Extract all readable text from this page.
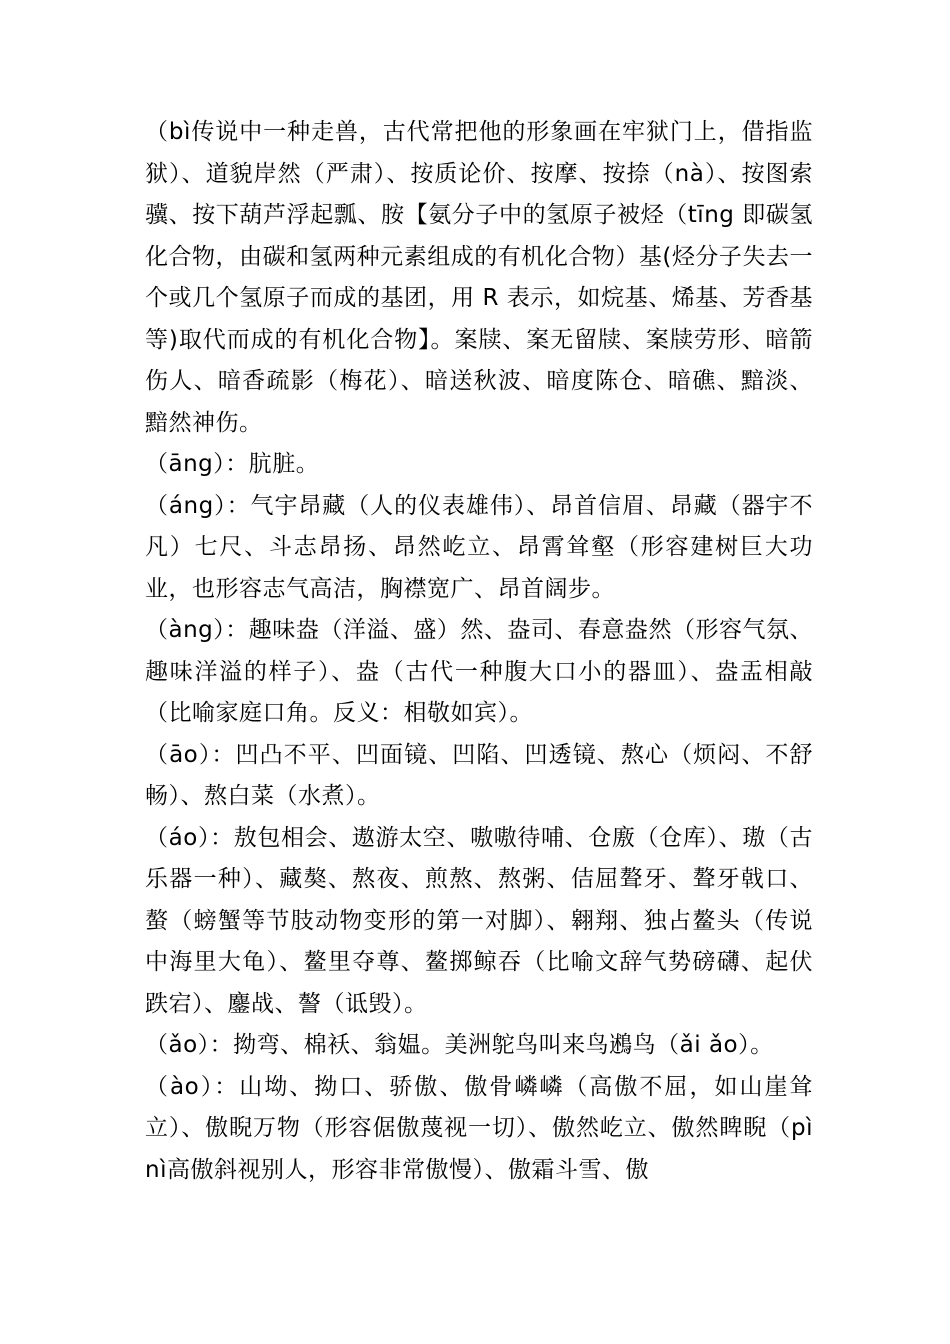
（bì传说中一种走兽，古代常把他的形象画在牢狱门上，借指监狱）、道貌岸然（严肃）、按质论价、按摩、按捺（nà）、按图索骥、按下葫芦浮起瓢、胺【氨分子中的氢原子被烃（tīng 即碳氢化合物，由碳和氢两种元素组成的有机化合物）基(烃分子失去一个或几个氢原子而成的基团，用 R 表示，如烷基、烯基、芳香基等)取代而成的有机化合物】。案牍、案无留牍、案牍劳形、暗箭伤人、暗香疏影（梅花）、暗送秋波、暗度陈仓、暗礁、黯淡、黯然神伤。

（āng）：肮脏。

（áng）：气宇昂藏（人的仪表雄伟）、昂首信眉、昂藏（器宇不凡）七尺、斗志昂扬、昂然屹立、昂霄耸壑（形容建树巨大功业，也形容志气高洁，胸襟宽广、昂首阔步。

（àng）：趣味盎（洋溢、盛）然、盎司、春意盎然（形容气氛、趣味洋溢的样子）、盎（古代一种腹大口小的器皿）、盎盂相敲（比喻家庭口角。反义：相敬如宾）。

（āo）：凹凸不平、凹面镜、凹陷、凹透镜、熬心（烦闷、不舒畅）、熬白菜（水煮）。

（áo）：敖包相会、遨游太空、嗷嗷待哺、仓廒（仓库）、璈（古乐器一种）、藏獒、熬夜、煎熬、熬粥、佶屈聱牙、聱牙戟口、螯（螃蟹等节肢动物变形的第一对脚）、翱翔、独占鳌头（传说中海里大龟）、鳌里夺尊、鳌掷鲸吞（比喻文辞气势磅礴、起伏跌宕）、鏖战、謷（诋毁）。

（ǎo）：拗弯、棉袄、翁媪。美洲鸵鸟叫来鸟鶐鸟（ǎi ǎo）。

（ào）：山坳、拗口、骄傲、傲骨嶙嶙（高傲不屈，如山崖耸立）、傲睨万物（形容倨傲蔑视一切）、傲然屹立、傲然睥睨（pìnì高傲斜视别人，形容非常傲慢）、傲霜斗雪、傲
